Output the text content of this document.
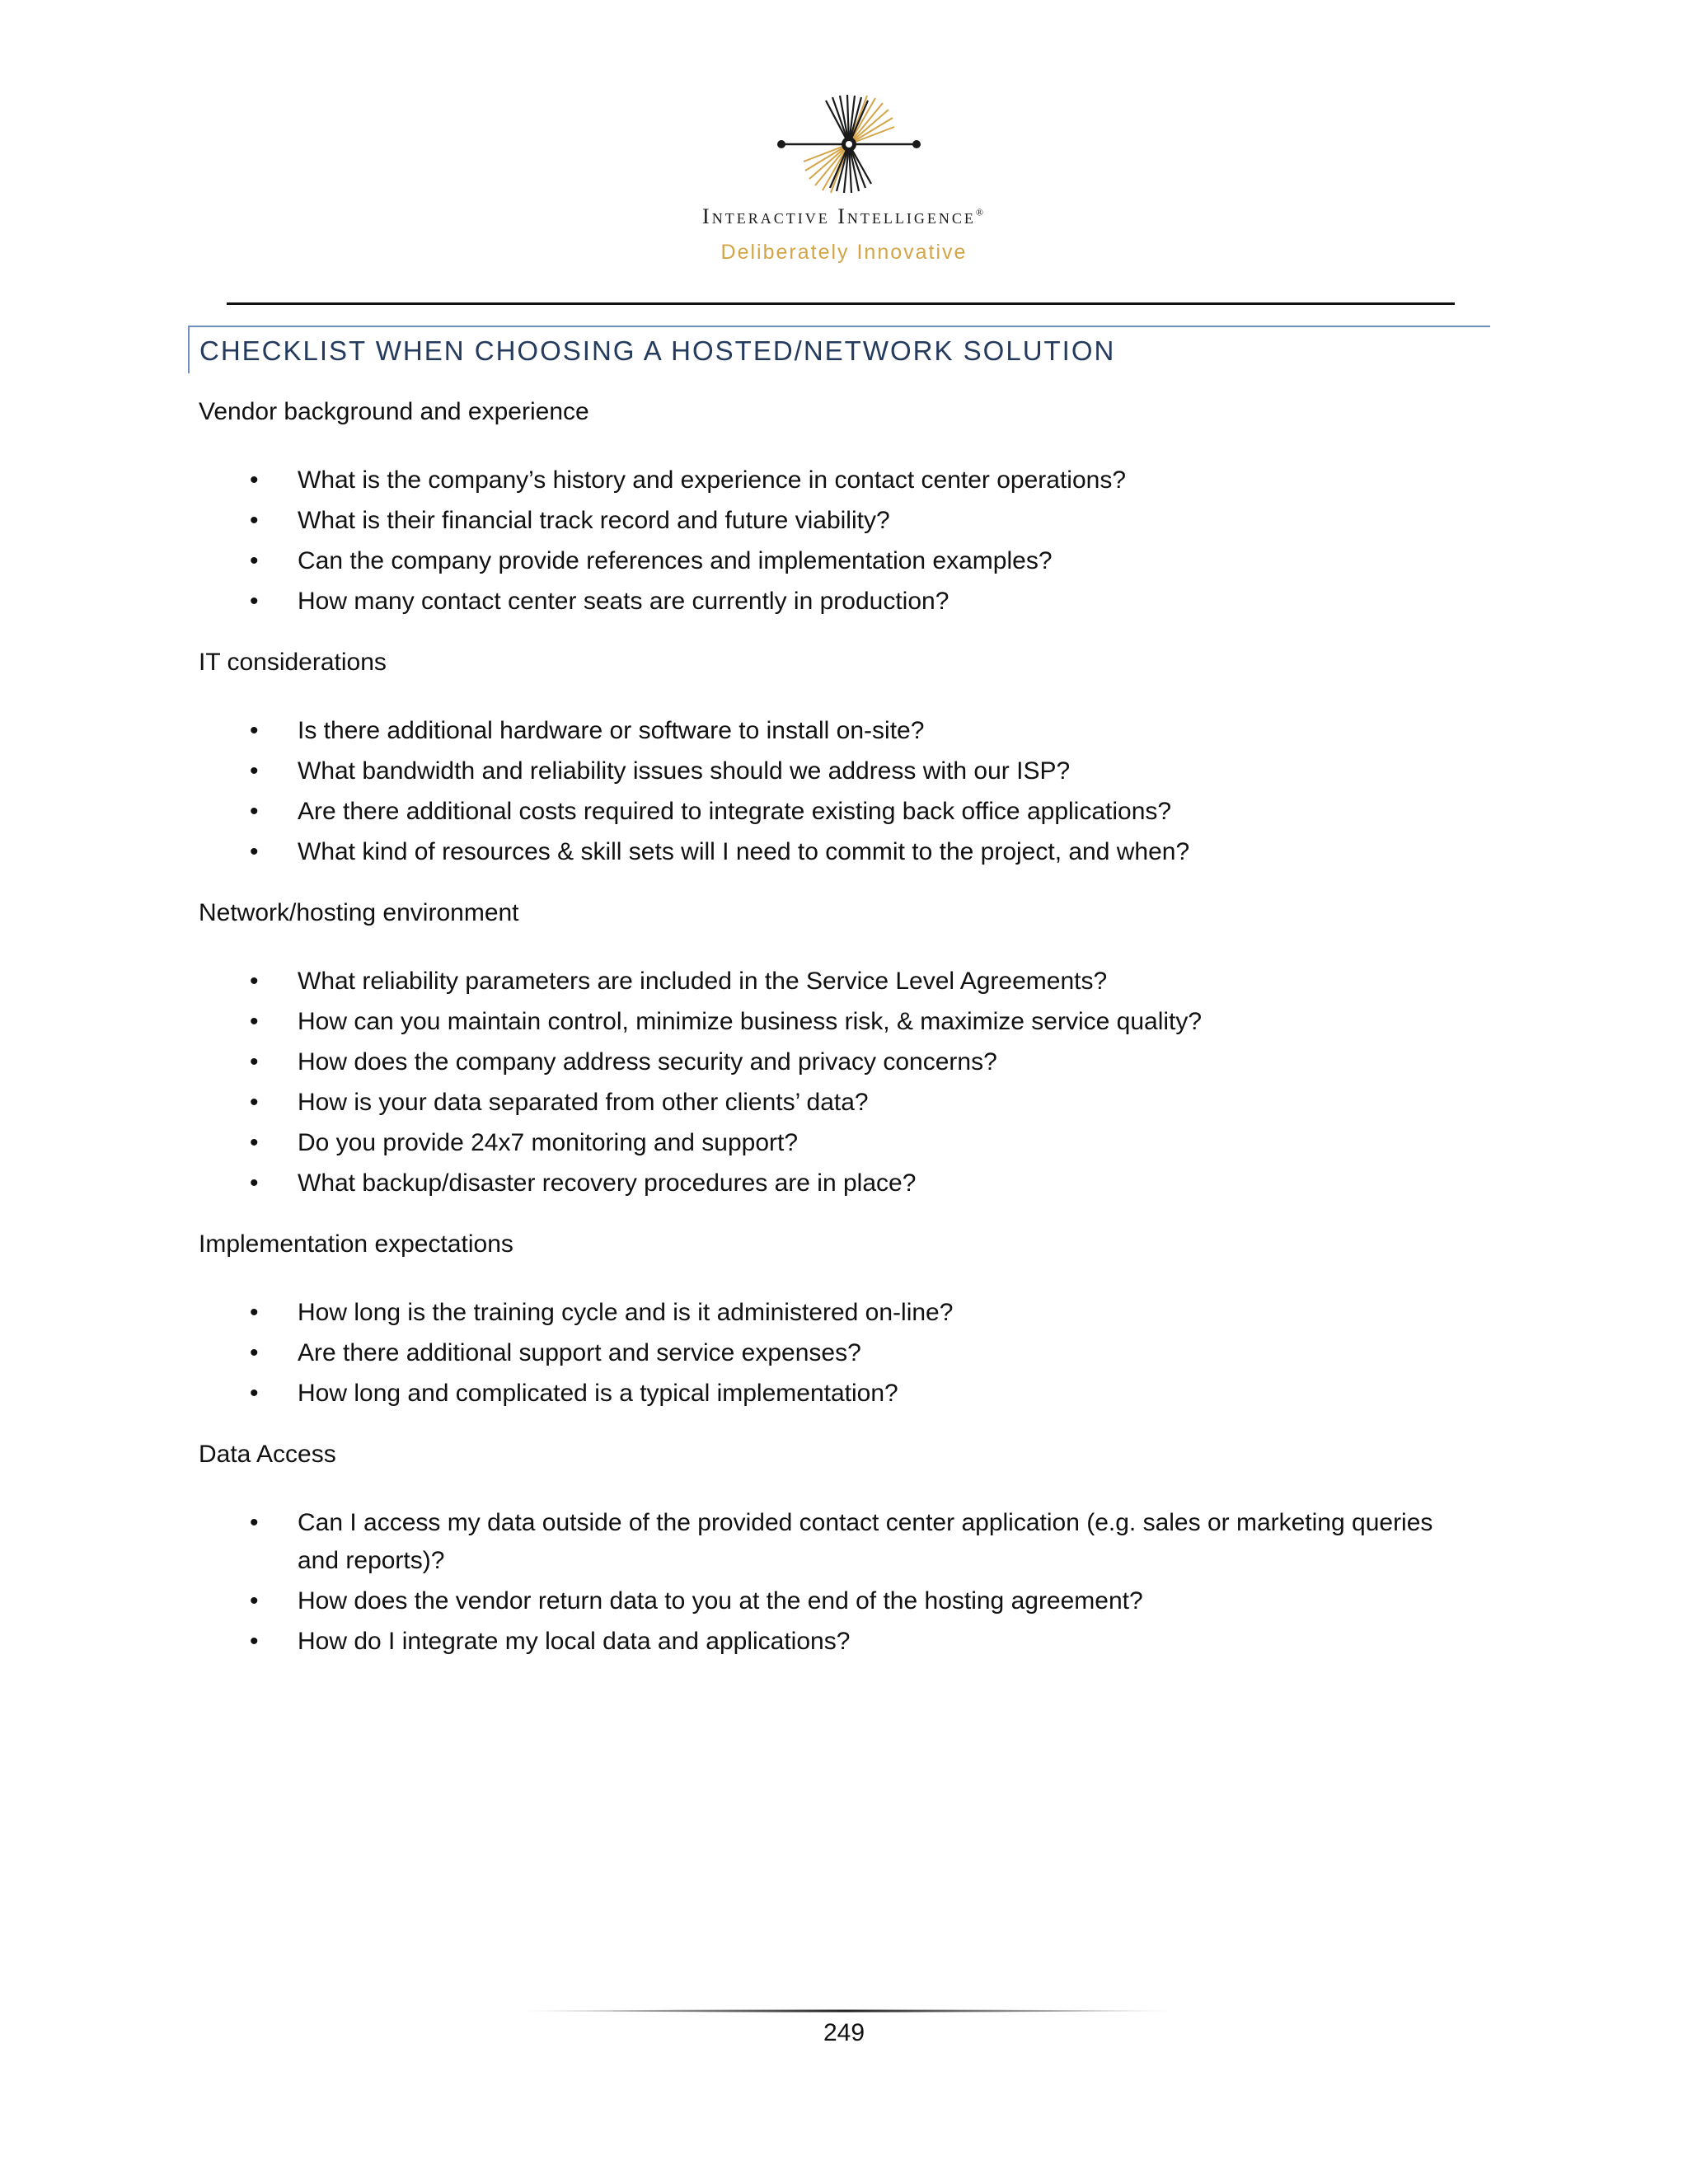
Interactive Intelligence®
Deliberately Innovative
CHECKLIST WHEN CHOOSING A HOSTED/NETWORK SOLUTION

Vendor background and experience

• What is the company’s history and experience in contact center operations?
• What is their financial track record and future viability?
• Can the company provide references and implementation examples?
• How many contact center seats are currently in production?

IT considerations

• Is there additional hardware or software to install on-site?
• What bandwidth and reliability issues should we address with our ISP?
• Are there additional costs required to integrate existing back office applications?
• What kind of resources & skill sets will I need to commit to the project, and when?

Network/hosting environment

• What reliability parameters are included in the Service Level Agreements?
• How can you maintain control, minimize business risk, & maximize service quality?
• How does the company address security and privacy concerns?
• How is your data separated from other clients’ data?
• Do you provide 24x7 monitoring and support?
• What backup/disaster recovery procedures are in place?

Implementation expectations

• How long is the training cycle and is it administered on-line?
• Are there additional support and service expenses?
• How long and complicated is a typical implementation?

Data Access

• Can I access my data outside of the provided contact center application (e.g. sales or marketing queries and reports)?
• How does the vendor return data to you at the end of the hosting agreement?
• How do I integrate my local data and applications?
249
